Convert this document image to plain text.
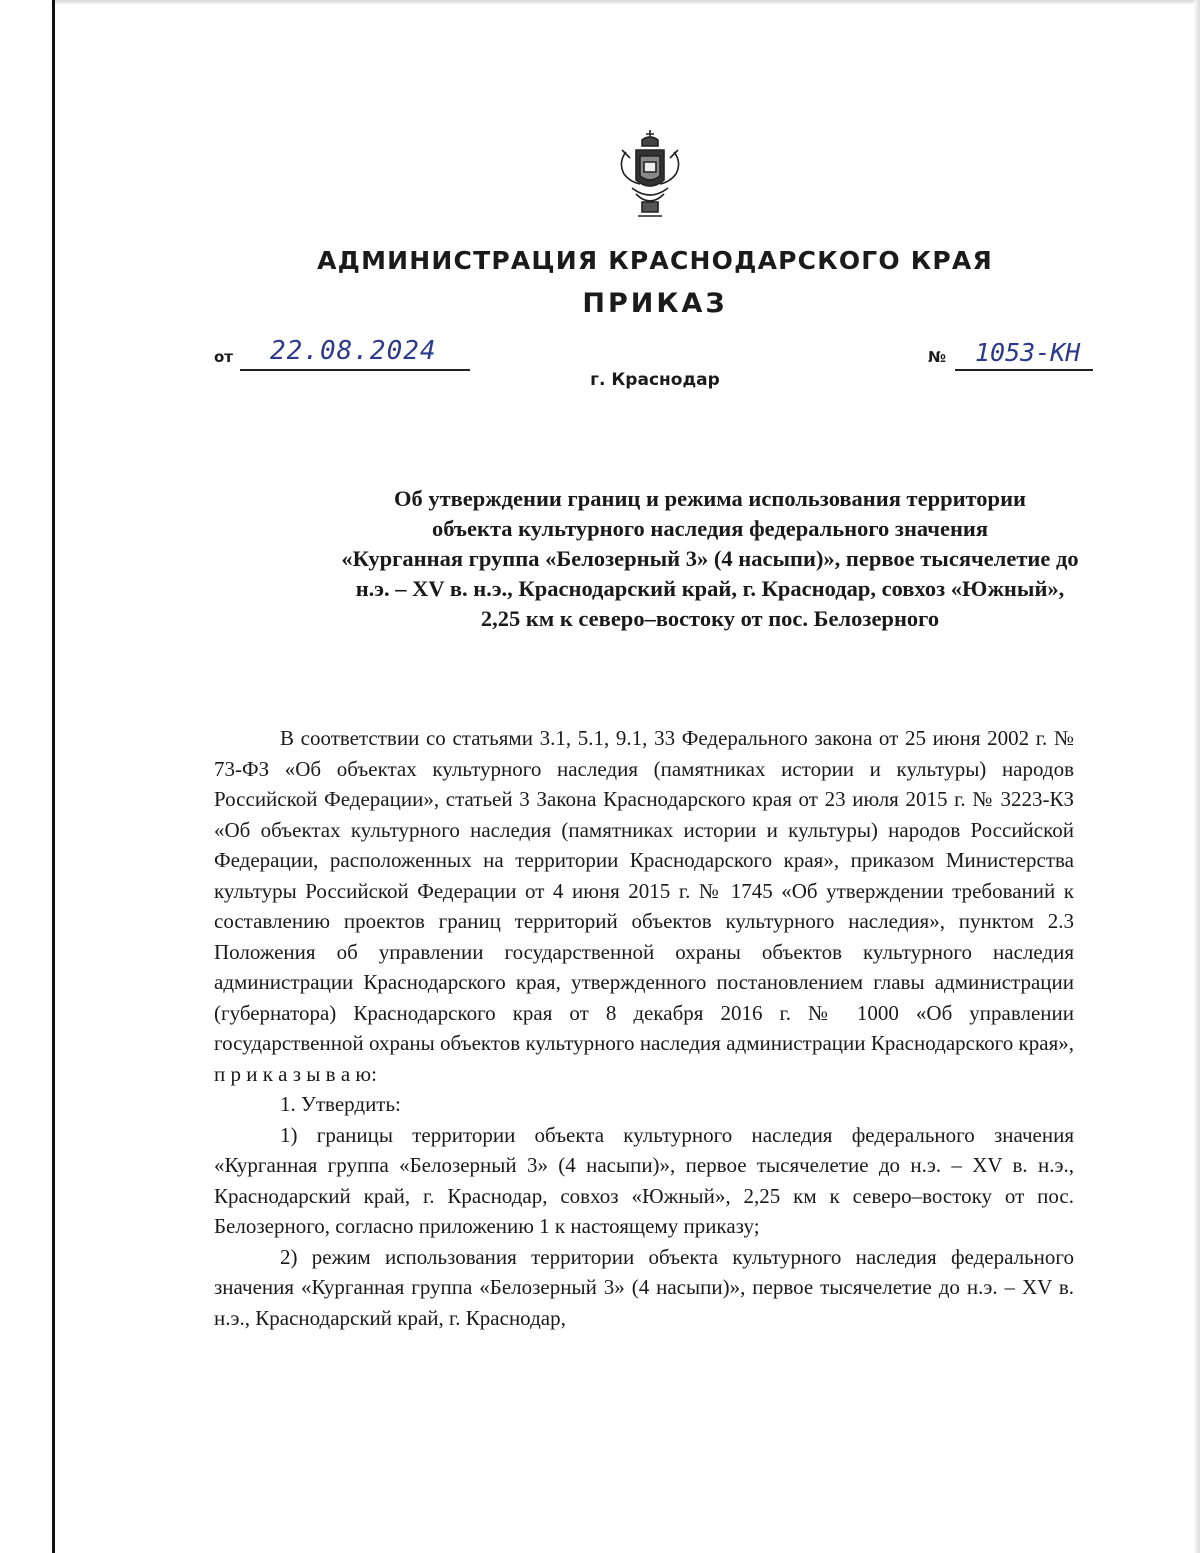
АДМИНИСТРАЦИЯ КРАСНОДАРСКОГО КРАЯ
ПРИКАЗ
от 22.08.2024	№ 1053-КН
г. Краснодар
Об утверждении границ и режима использования территории
объекта культурного наследия федерального значения
«Курганная группа «Белозерный 3» (4 насыпи)», первое тысячелетие до
н.э. – XV в. н.э., Краснодарский край, г. Краснодар, совхоз «Южный»,
2,25 км к северо–востоку от пос. Белозерного

В соответствии со статьями 3.1, 5.1, 9.1, 33 Федерального закона от 25 июня 2002 г. № 73-ФЗ «Об объектах культурного наследия (памятниках истории и культуры) народов Российской Федерации», статьей 3 Закона Краснодарского края от 23 июля 2015 г. № 3223-КЗ «Об объектах культурного наследия (памятниках истории и культуры) народов Российской Федерации, расположенных на территории Краснодарского края», приказом Министерства культуры Российской Федерации от 4 июня 2015 г. № 1745 «Об утверждении требований к составлению проектов границ территорий объектов культурного наследия», пунктом 2.3 Положения об управлении государственной охраны объектов культурного наследия администрации Краснодарского края, утвержденного постановлением главы администрации (губернатора) Краснодарского края от 8 декабря 2016 г. № 1000 «Об управлении государственной охраны объектов культурного наследия администрации Краснодарского края», п р и к а з ы в а ю:

1. Утвердить:

1) границы территории объекта культурного наследия федерального значения «Курганная группа «Белозерный 3» (4 насыпи)», первое тысячелетие до н.э. – XV в. н.э., Краснодарский край, г. Краснодар, совхоз «Южный», 2,25 км к северо–востоку от пос. Белозерного, согласно приложению 1 к настоящему приказу;

2) режим использования территории объекта культурного наследия федерального значения «Курганная группа «Белозерный 3» (4 насыпи)», первое тысячелетие до н.э. – XV в. н.э., Краснодарский край, г. Краснодар,
